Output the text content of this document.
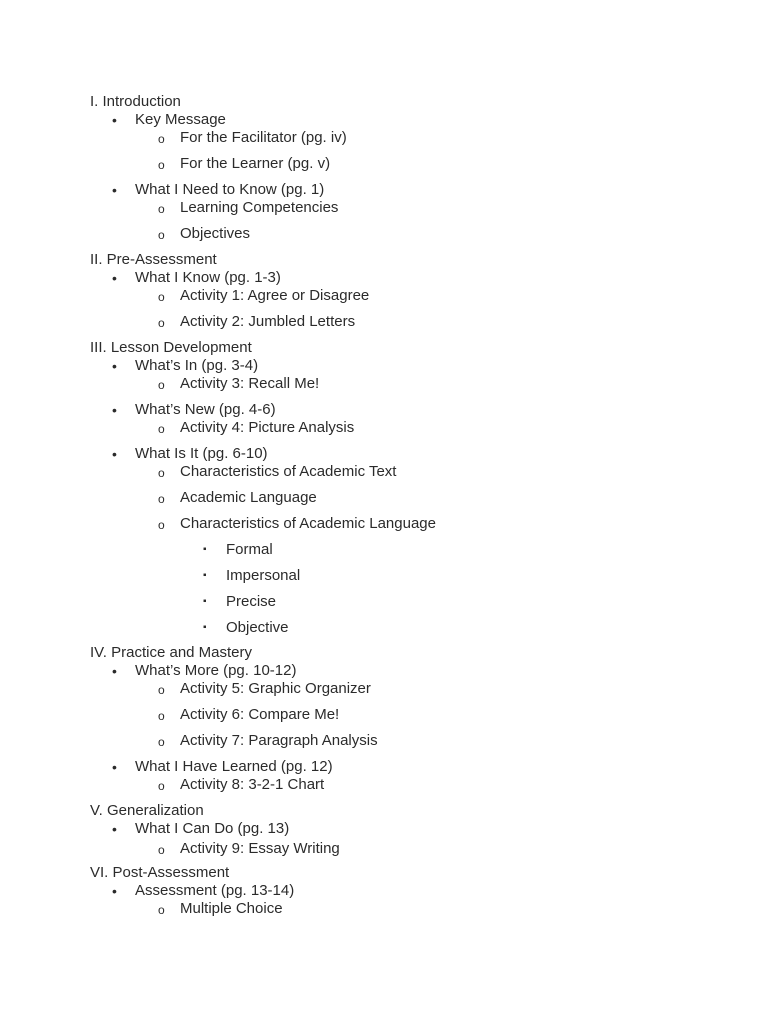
I. Introduction
• Key Message
o For the Facilitator (pg. iv)
o For the Learner (pg. v)
• What I Need to Know (pg. 1)
o Learning Competencies
o Objectives
II. Pre-Assessment
• What I Know (pg. 1-3)
o Activity 1: Agree or Disagree
o Activity 2: Jumbled Letters
III. Lesson Development
• What’s In (pg. 3-4)
o Activity 3: Recall Me!
• What’s New (pg. 4-6)
o Activity 4: Picture Analysis
• What Is It (pg. 6-10)
o Characteristics of Academic Text
o Academic Language
o Characteristics of Academic Language
▪ Formal
▪ Impersonal
▪ Precise
▪ Objective
IV. Practice and Mastery
• What’s More (pg. 10-12)
o Activity 5: Graphic Organizer
o Activity 6: Compare Me!
o Activity 7: Paragraph Analysis
• What I Have Learned (pg. 12)
o Activity 8: 3-2-1 Chart
V. Generalization
• What I Can Do (pg. 13)
o Activity 9: Essay Writing
VI. Post-Assessment
• Assessment (pg. 13-14)
o Multiple Choice
